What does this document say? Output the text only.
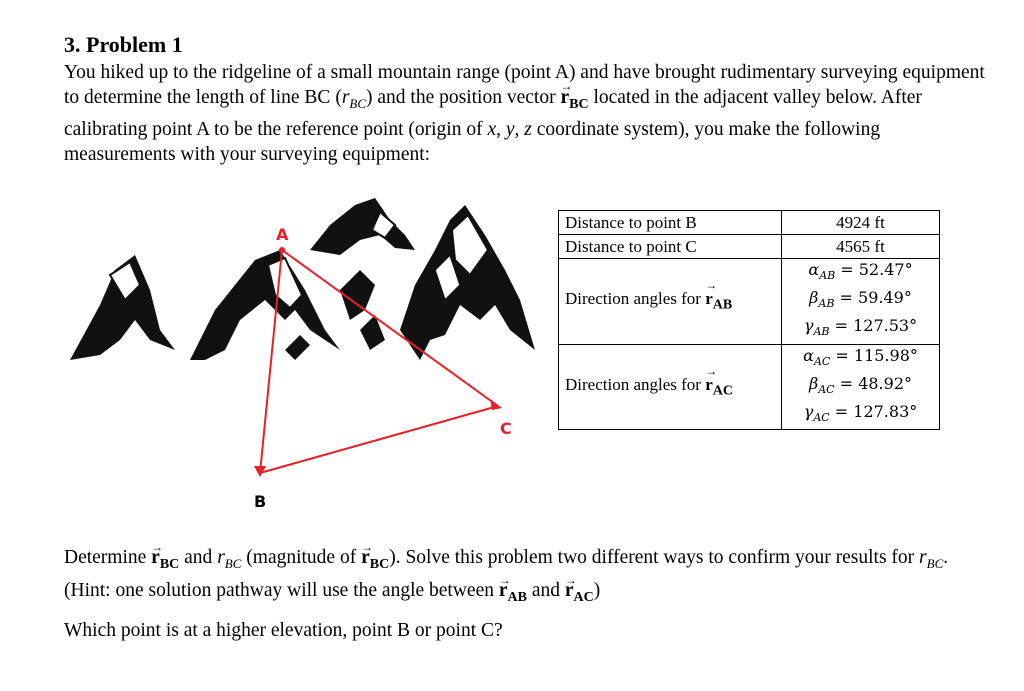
3. Problem 1
You hiked up to the ridgeline of a small mountain range (point A) and have brought rudimentary surveying equipment to determine the length of line BC $(r_{BC})$ and the position vector → $r_{BC}$ located in the adjacent valley below. After calibrating point A to be the reference point (origin of x, y, z coordinate system), you make the following measurements with your surveying equipment:
A
B
C
Distance to point B	4924 ft
Distance to point C	4565 ft
Direction angles for → $r_{AB}$	$\alpha_{AB} = 52.47^\circ$
$\beta_{AB} = 59.49^\circ$
$\gamma_{AB} = 127.53^\circ$

Direction angles for → $r_{AC}$	$\alpha_{AC} = 115.98^\circ$
$\beta_{AC} = 48.92^\circ$
$\gamma_{AC} = 127.83^\circ$
Determine → $r_{BC}$ and $r_{BC}$ (magnitude of → $r_{BC}$). Solve this problem two different ways to confirm your results for $r_{BC}$.
(Hint: one solution pathway will use the angle between → $r_{AB}$ and → $r_{AC}$)
Which point is at a higher elevation, point B or point C?
